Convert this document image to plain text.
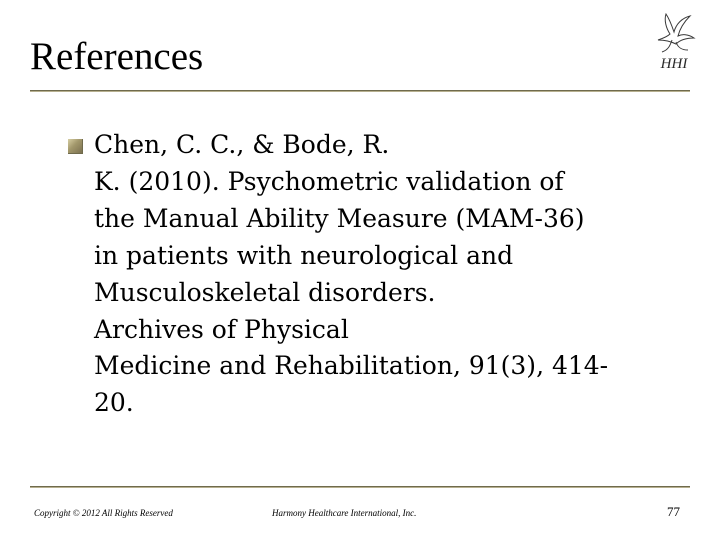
References	HHI
Chen, C. C., & Bode, R.
K. (2010). Psychometric validation of
the Manual Ability Measure (MAM-36)
in patients with neurological and
Musculoskeletal disorders.
Archives of Physical
Medicine and Rehabilitation, 91(3), 414-
20.
Copyright © 2012 All Rights Reserved	Harmony Healthcare International, Inc.	77
